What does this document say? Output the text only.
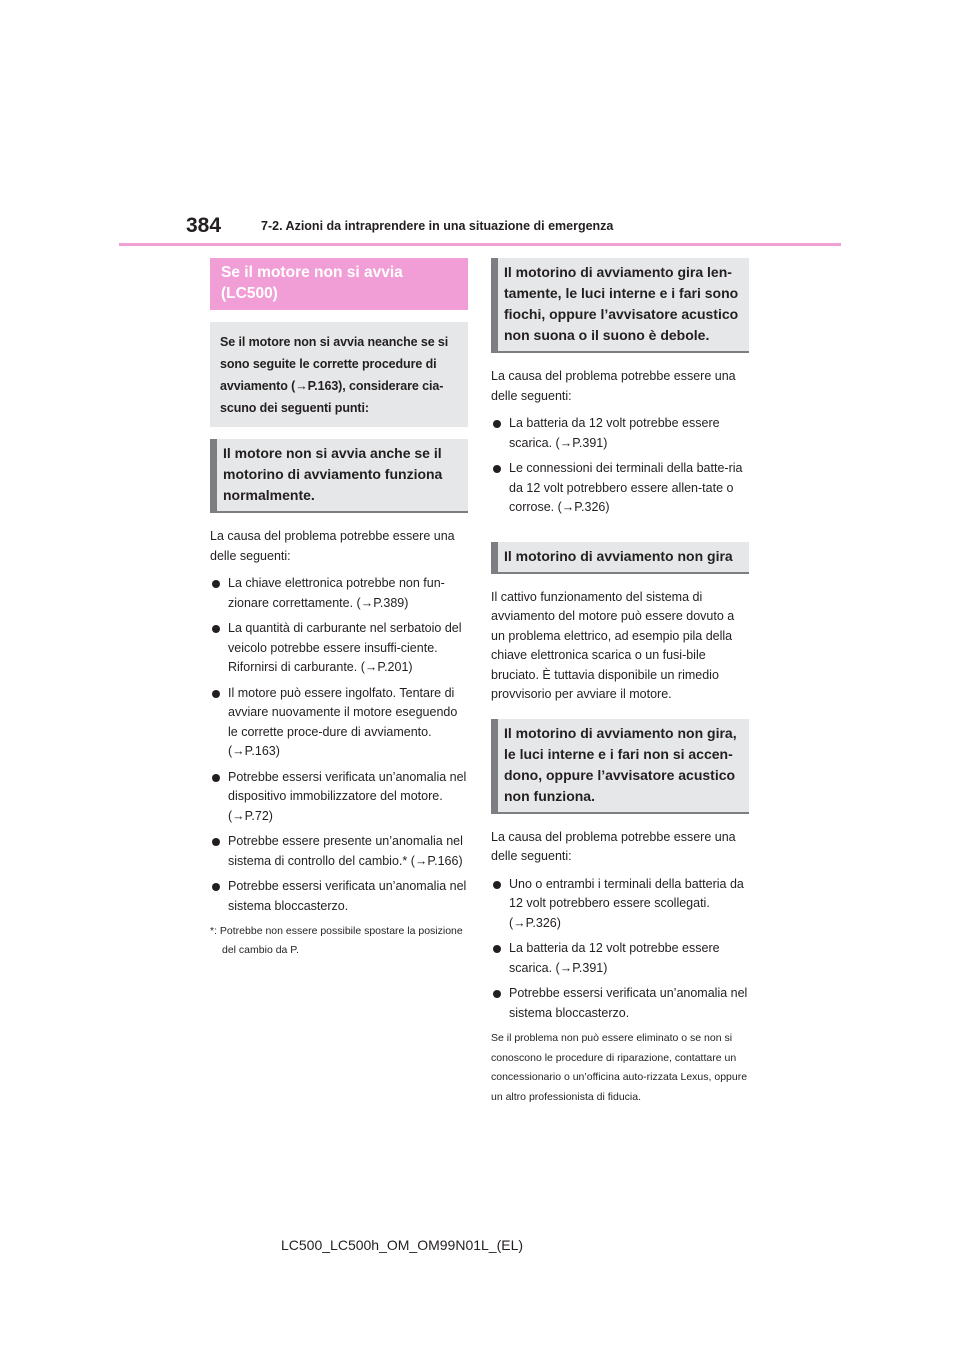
384	7-2. Azioni da intraprendere in una situazione di emergenza
Se il motore non si avvia (LC500)
Se il motore non si avvia neanche se si sono seguite le corrette procedure di avviamento (→P.163), considerare cia-scuno dei seguenti punti:
Il motore non si avvia anche se il motorino di avviamento funziona normalmente.
La causa del problema potrebbe essere una delle seguenti:
La chiave elettronica potrebbe non fun-zionare correttamente. (→P.389)
La quantità di carburante nel serbatoio del veicolo potrebbe essere insuffi-ciente. Rifornirsi di carburante. (→P.201)
Il motore può essere ingolfato. Tentare di avviare nuovamente il motore eseguendo le corrette proce-dure di avviamento. (→P.163)
Potrebbe essersi verificata un’anomalia nel dispositivo immobilizzatore del motore. (→P.72)
Potrebbe essere presente un’anomalia nel sistema di controllo del cambio.* (→P.166)
Potrebbe essersi verificata un’anomalia nel sistema bloccasterzo.
*: Potrebbe non essere possibile spostare la posizione del cambio da P.
Il motorino di avviamento gira len-tamente, le luci interne e i fari sono fiochi, oppure l’avvisatore acustico non suona o il suono è debole.
La causa del problema potrebbe essere una delle seguenti:
La batteria da 12 volt potrebbe essere scarica. (→P.391)
Le connessioni dei terminali della batte-ria da 12 volt potrebbero essere allen-tate o corrose. (→P.326)
Il motorino di avviamento non gira
Il cattivo funzionamento del sistema di avviamento del motore può essere dovuto a un problema elettrico, ad esempio pila della chiave elettronica scarica o un fusi-bile bruciato. È tuttavia disponibile un rimedio provvisorio per avviare il motore.
Il motorino di avviamento non gira, le luci interne e i fari non si accen-dono, oppure l’avvisatore acustico non funziona.
La causa del problema potrebbe essere una delle seguenti:
Uno o entrambi i terminali della batteria da 12 volt potrebbero essere scollegati. (→P.326)
La batteria da 12 volt potrebbe essere scarica. (→P.391)
Potrebbe essersi verificata un’anomalia nel sistema bloccasterzo.
Se il problema non può essere eliminato o se non si conoscono le procedure di riparazione, contattare un concessionario o un’officina auto-rizzata Lexus, oppure un altro professionista di fiducia.
LC500_LC500h_OM_OM99N01L_(EL)
